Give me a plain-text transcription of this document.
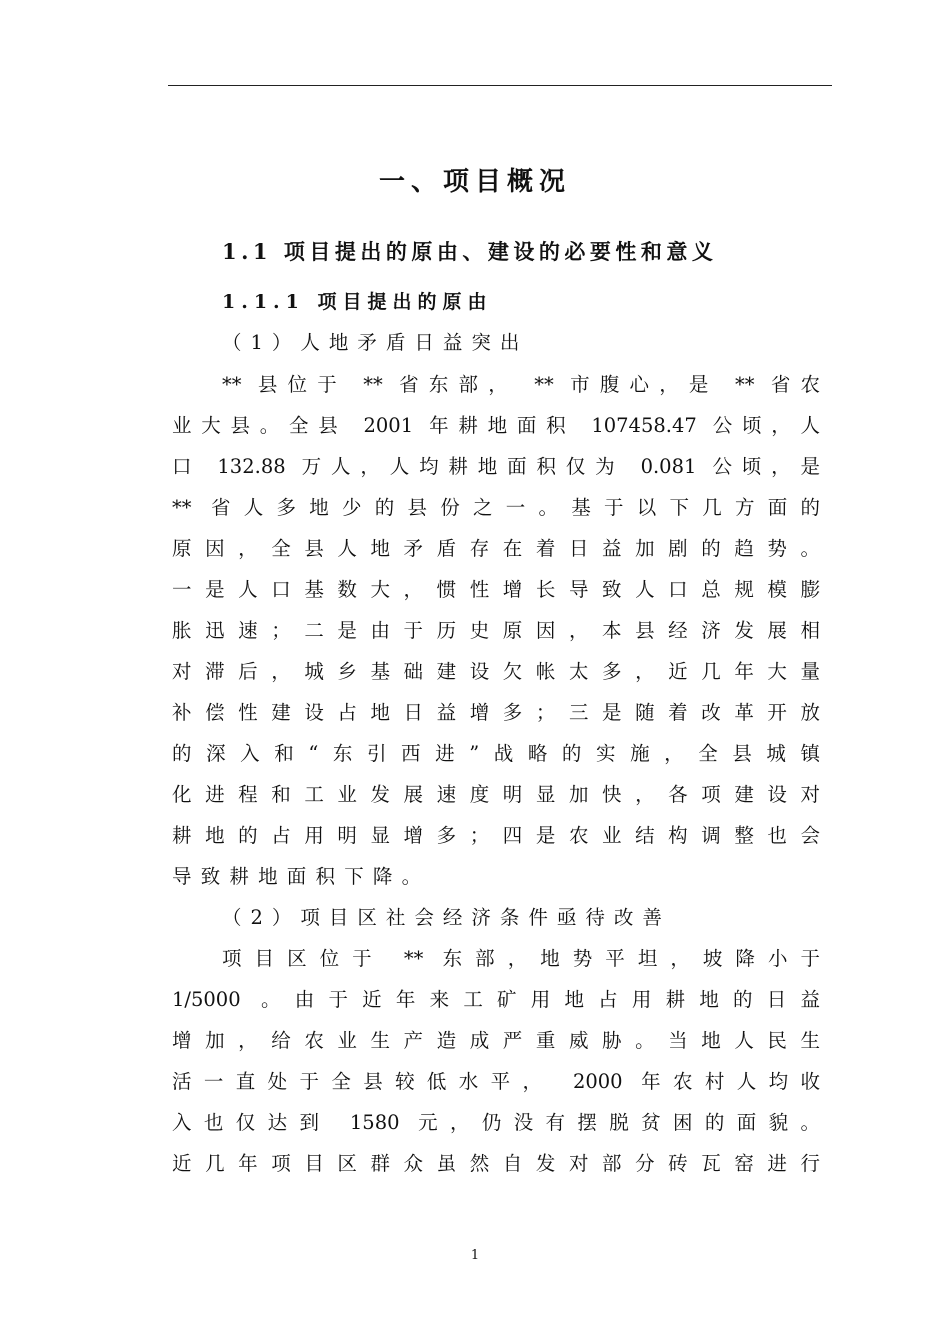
一、项目概况
1.1 项目提出的原由、建设的必要性和意义
1.1.1 项目提出的原由

（1）人地矛盾日益突出

** 县位于 ** 省东部， ** 市腹心，是 ** 省农

业大县。全县 2001 年耕地面积 107458.47 公顷，人

口 132.88 万人，人均耕地面积仅为 0.081 公顷，是

** 省人多地少的县份之一。基于以下几方面的

原因，全县人地矛盾存在着日益加剧的趋势。

一是人口基数大，惯性增长导致人口总规模膨

胀迅速；二是由于历史原因，本县经济发展相

对滞后，城乡基础建设欠帐太多，近几年大量

补偿性建设占地日益增多；三是随着改革开放

的深入和“东引西进”战略的实施，全县城镇

化进程和工业发展速度明显加快，各项建设对

耕地的占用明显增多；四是农业结构调整也会

导致耕地面积下降。

（2）项目区社会经济条件亟待改善

项目区位于 ** 东部，地势平坦，坡降小于

1/5000 。由于近年来工矿用地占用耕地的日益

增加，给农业生产造成严重威胁。当地人民生

活一直处于全县较低水平， 2000 年农村人均收

入也仅达到 1580 元，仍没有摆脱贫困的面貌。

近几年项目区群众虽然自发对部分砖瓦窑进行

1
